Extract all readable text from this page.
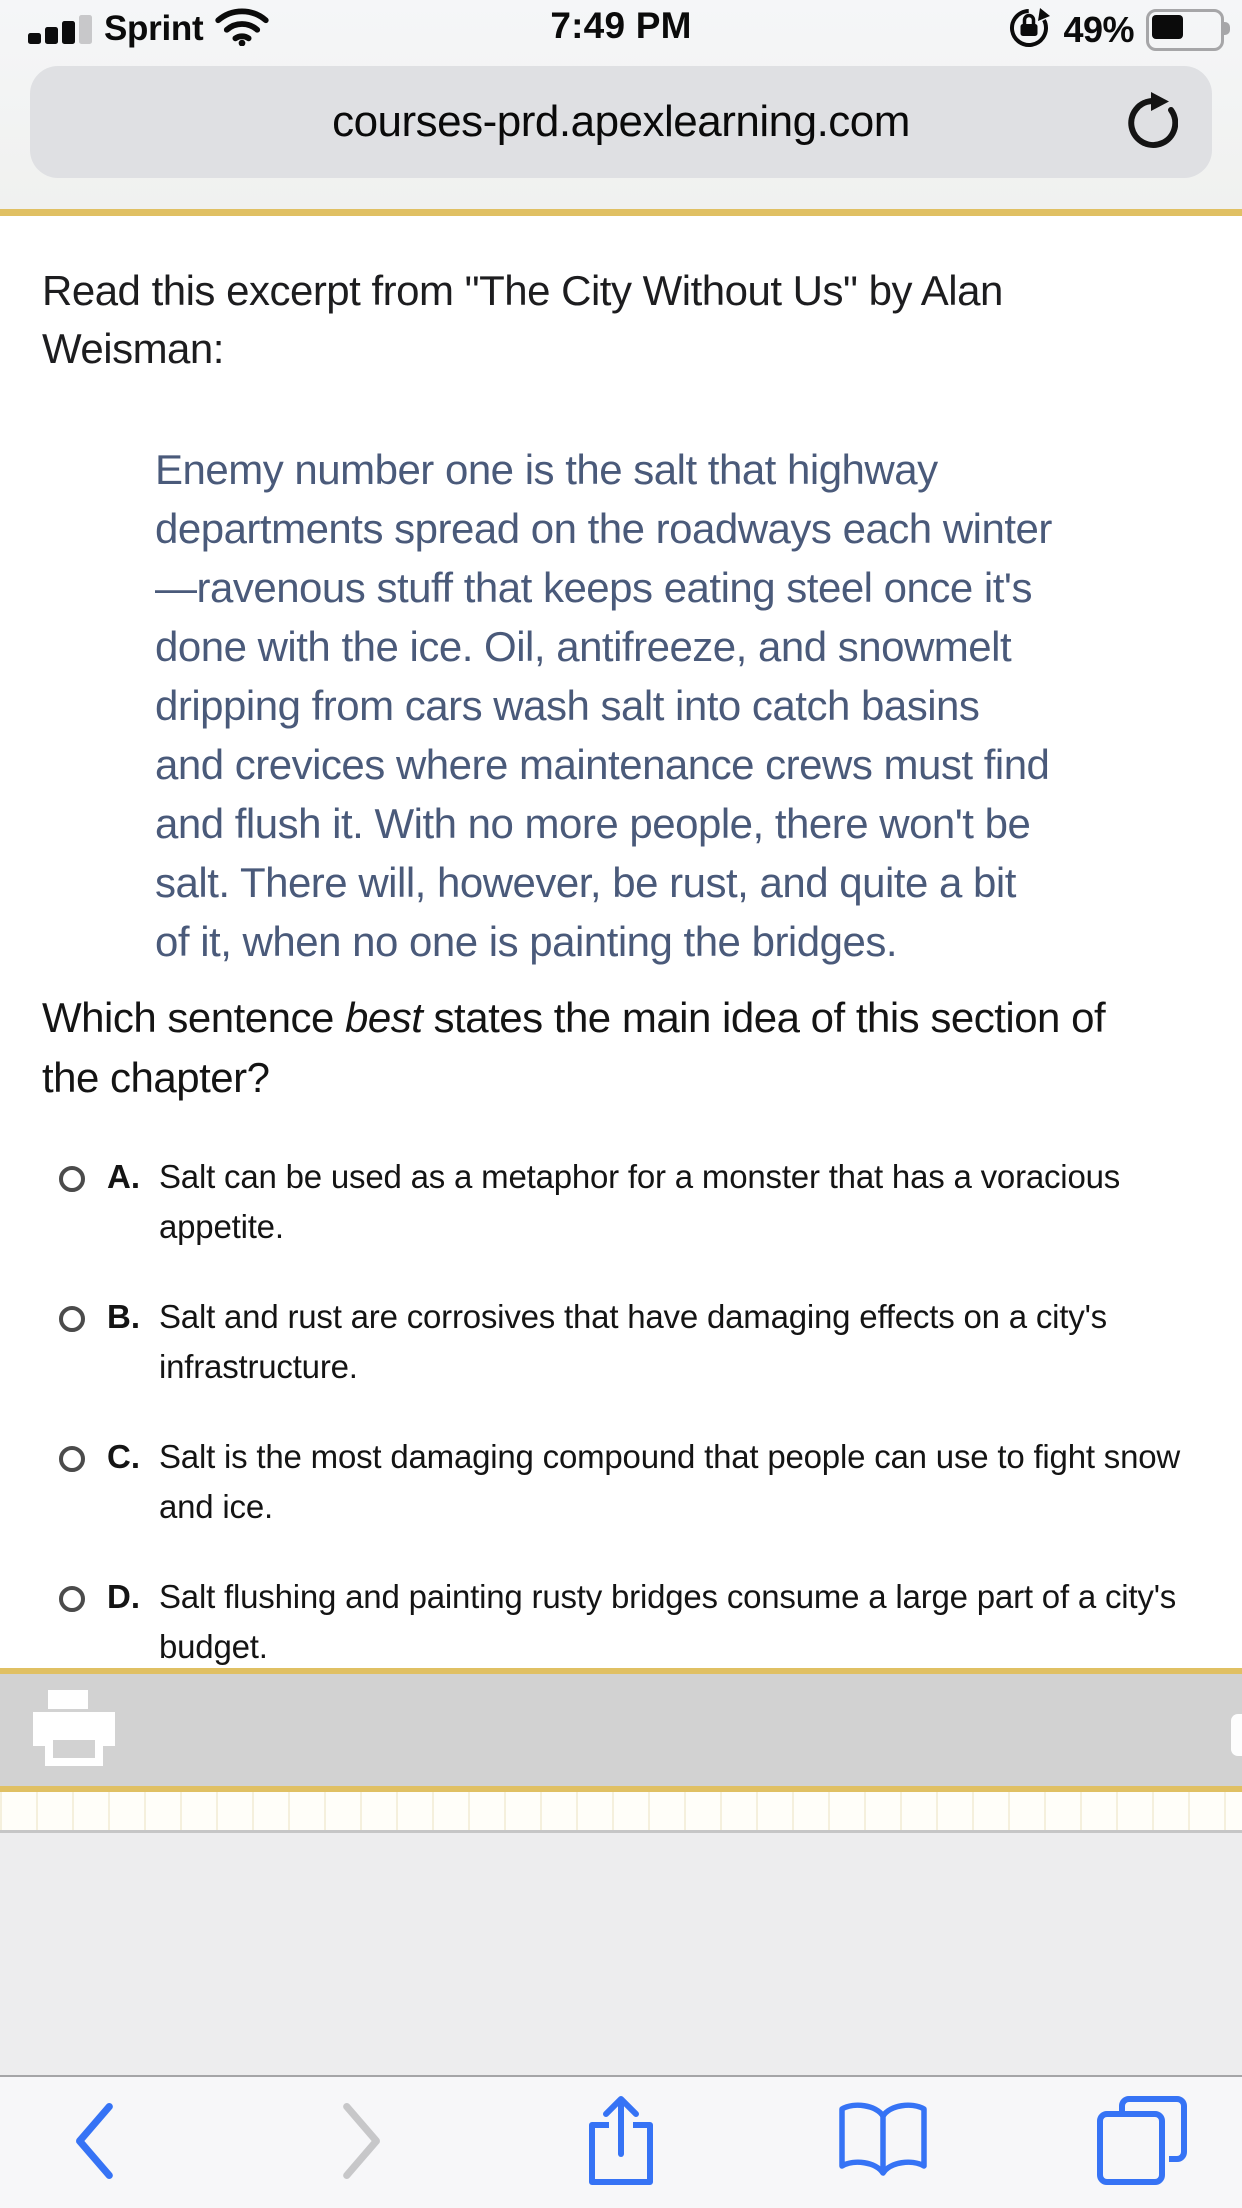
Sprint	7:49 PM	49%
courses-prd.apexlearning.com
Read this excerpt from "The City Without Us" by Alan
Weisman:
Enemy number one is the salt that highway
departments spread on the roadways each winter
—ravenous stuff that keeps eating steel once it's
done with the ice. Oil, antifreeze, and snowmelt
dripping from cars wash salt into catch basins
and crevices where maintenance crews must find
and flush it. With no more people, there won't be
salt. There will, however, be rust, and quite a bit
of it, when no one is painting the bridges.
Which sentence best states the main idea of this section of
the chapter?
A. Salt can be used as a metaphor for a monster that has a voracious
appetite.
B. Salt and rust are corrosives that have damaging effects on a city's
infrastructure.
C. Salt is the most damaging compound that people can use to fight snow
and ice.
D. Salt flushing and painting rusty bridges consume a large part of a city's
budget.
